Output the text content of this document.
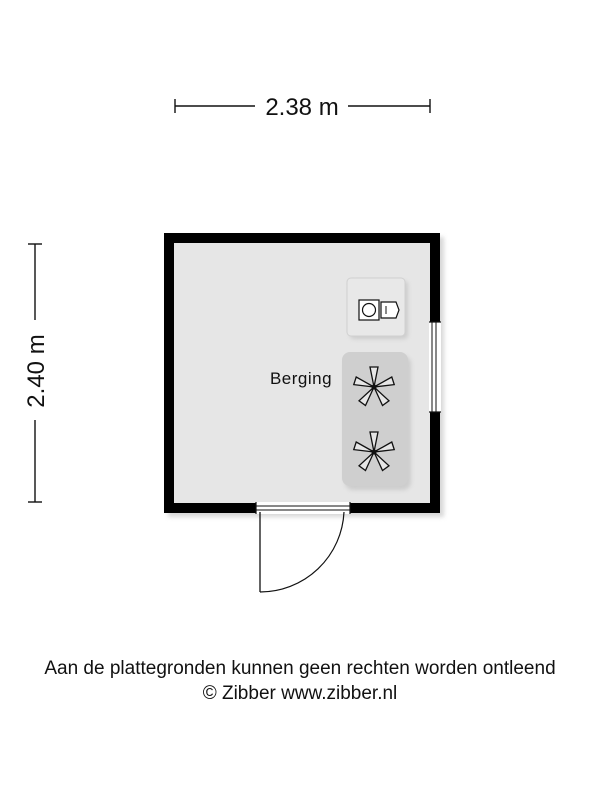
2.38 m
2.40 m	Berging
Aan de plattegronden kunnen geen rechten worden ontleend
© Zibber www.zibber.nl
